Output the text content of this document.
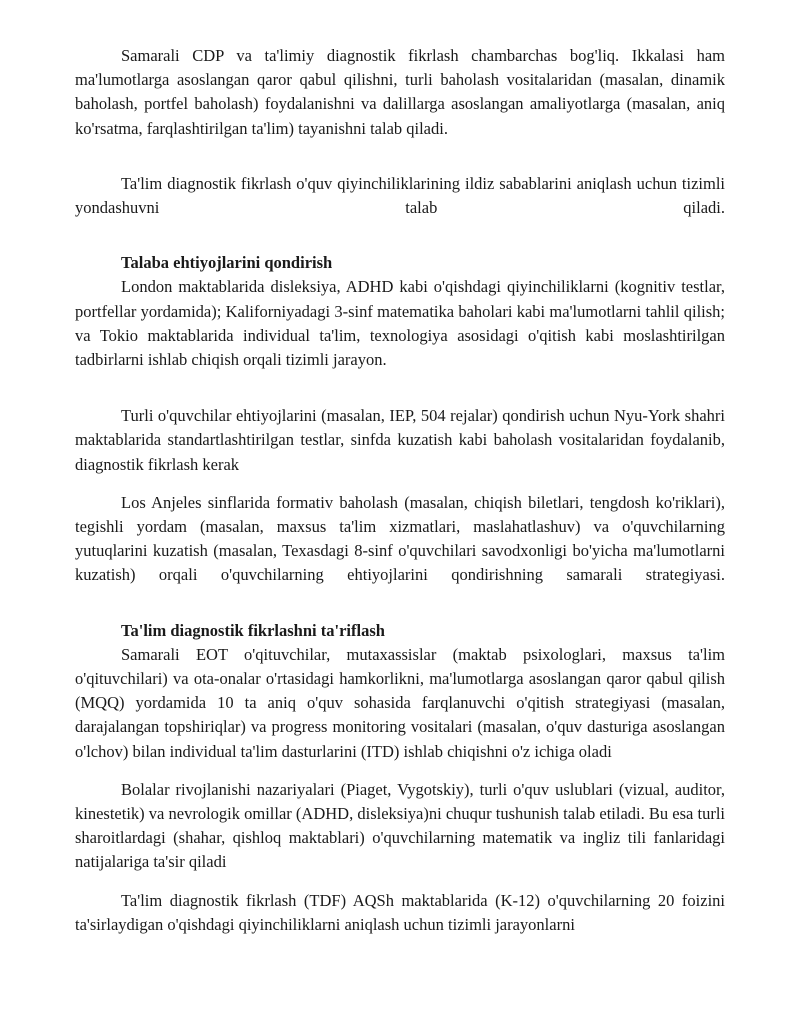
Samarali CDP va ta'limiy diagnostik fikrlash chambarchas bog'liq. Ikkalasi ham ma'lumotlarga asoslangan qaror qabul qilishni, turli baholash vositalaridan (masalan, dinamik baholash, portfel baholash) foydalanishni va dalillarga asoslangan amaliyotlarga (masalan, aniq ko'rsatma, farqlashtirilgan ta'lim) tayanishni talab qiladi.

Ta'lim diagnostik fikrlash o'quv qiyinchiliklarining ildiz sabablarini aniqlash uchun tizimli yondashuvni talab qiladi.

Talaba ehtiyojlarini qondirish

London maktablarida disleksiya, ADHD kabi o'qishdagi qiyinchiliklarni (kognitiv testlar, portfellar yordamida); Kaliforniyadagi 3-sinf matematika baholari kabi ma'lumotlarni tahlil qilish; va Tokio maktablarida individual ta'lim, texnologiya asosidagi o'qitish kabi moslashtirilgan tadbirlarni ishlab chiqish orqali tizimli jarayon.

Turli o'quvchilar ehtiyojlarini (masalan, IEP, 504 rejalar) qondirish uchun Nyu-York shahri maktablarida standartlashtirilgan testlar, sinfda kuzatish kabi baholash vositalaridan foydalanib, diagnostik fikrlash kerak

Los Anjeles sinflarida formativ baholash (masalan, chiqish biletlari, tengdosh ko'riklari), tegishli yordam (masalan, maxsus ta'lim xizmatlari, maslahatlashuv) va o'quvchilarning yutuqlarini kuzatish (masalan, Texasdagi 8-sinf o'quvchilari savodxonligi bo'yicha ma'lumotlarni kuzatish) orqali o'quvchilarning ehtiyojlarini qondirishning samarali strategiyasi.

Ta'lim diagnostik fikrlashni ta'riflash

Samarali EOT o'qituvchilar, mutaxassislar (maktab psixologlari, maxsus ta'lim o'qituvchilari) va ota-onalar o'rtasidagi hamkorlikni, ma'lumotlarga asoslangan qaror qabul qilish (MQQ) yordamida 10 ta aniq o'quv sohasida farqlanuvchi o'qitish strategiyasi (masalan, darajalangan topshiriqlar) va progress monitoring vositalari (masalan, o'quv dasturiga asoslangan o'lchov) bilan individual ta'lim dasturlarini (ITD) ishlab chiqishni o'z ichiga oladi

Bolalar rivojlanishi nazariyalari (Piaget, Vygotskiy), turli o'quv uslublari (vizual, auditor, kinestetik) va nevrologik omillar (ADHD, disleksiya)ni chuqur tushunish talab etiladi. Bu esa turli sharoitlardagi (shahar, qishloq maktablari) o'quvchilarning matematik va ingliz tili fanlaridagi natijalariga ta'sir qiladi

Ta'lim diagnostik fikrlash (TDF) AQSh maktablarida (K-12) o'quvchilarning 20 foizini ta'sirlaydigan o'qishdagi qiyinchiliklarni aniqlash uchun tizimli jarayonlarni
